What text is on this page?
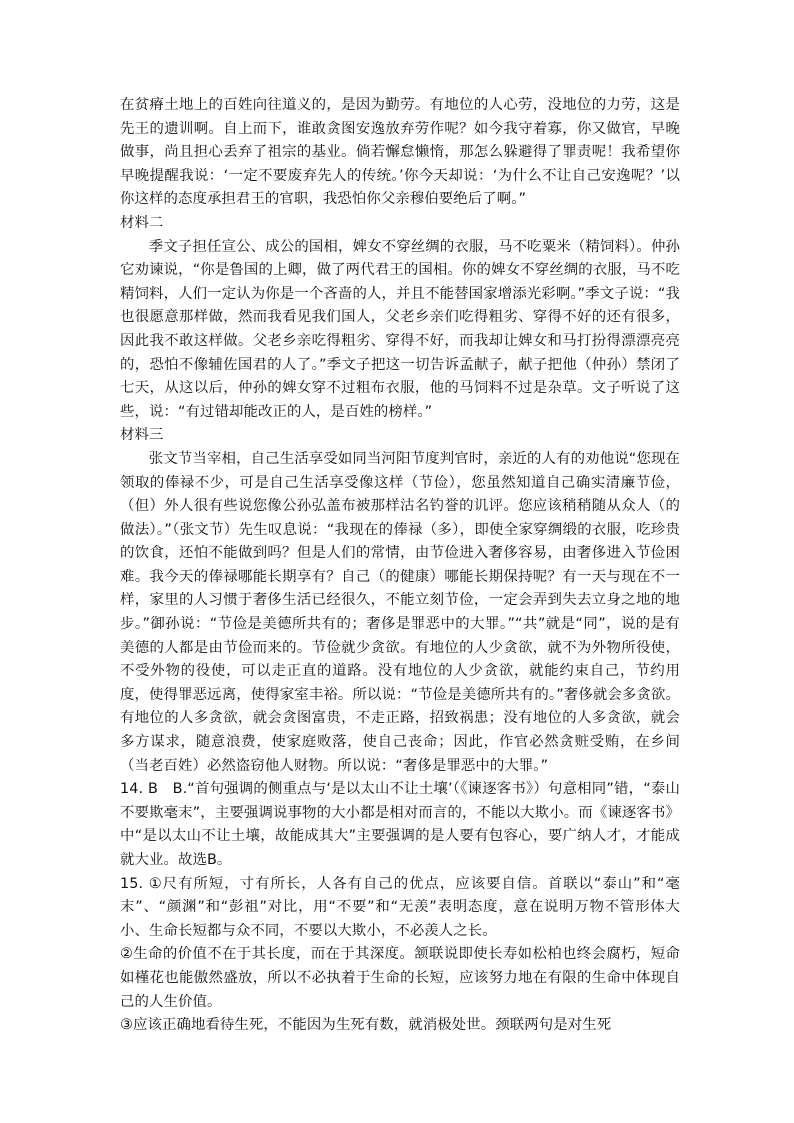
在贫瘠土地上的百姓向往道义的，是因为勤劳。有地位的人心劳，没地位的力劳，这是先王的遗训啊。自上而下，谁敢贪图安逸放弃劳作呢？如今我守着寡，你又做官，早晚做事，尚且担心丢弃了祖宗的基业。倘若懈怠懒惰，那怎么躲避得了罪责呢！我希望你早晚提醒我说：‘一定不要废弃先人的传统。’你今天却说：‘为什么不让自己安逸呢？’以你这样的态度承担君王的官职，我恐怕你父亲穆伯要绝后了啊。”

材料二

季文子担任宣公、成公的国相，婢女不穿丝绸的衣服，马不吃粟米（精饲料）。仲孙它劝谏说，“你是鲁国的上卿，做了两代君王的国相。你的婢女不穿丝绸的衣服，马不吃精饲料，人们一定认为你是一个吝啬的人，并且不能替国家增添光彩啊。”季文子说：“我也很愿意那样做，然而我看见我们国人，父老乡亲们吃得粗劣、穿得不好的还有很多，因此我不敢这样做。父老乡亲吃得粗劣、穿得不好，而我却让婢女和马打扮得漂漂亮亮的，恐怕不像辅佐国君的人了。”季文子把这一切告诉孟献子，献子把他（仲孙）禁闭了七天，从这以后，仲孙的婢女穿不过粗布衣服，他的马饲料不过是杂草。文子听说了这些，说：“有过错却能改正的人，是百姓的榜样。”

材料三

张文节当宰相，自己生活享受如同当河阳节度判官时，亲近的人有的劝他说“您现在领取的俸禄不少，可是自己生活享受像这样（节俭），您虽然知道自己确实清廉节俭，（但）外人很有些说您像公孙弘盖布被那样沽名钓誉的讥评。您应该稍稍随从众人（的做法）。”（张文节）先生叹息说：“我现在的俸禄（多），即使全家穿绸缎的衣服，吃珍贵的饮食，还怕不能做到吗？但是人们的常情，由节俭进入奢侈容易，由奢侈进入节俭困难。我今天的俸禄哪能长期享有？自己（的健康）哪能长期保持呢？有一天与现在不一样，家里的人习惯于奢侈生活已经很久，不能立刻节俭，一定会弄到失去立身之地的地步。”御孙说：“节俭是美德所共有的；奢侈是罪恶中的大罪。”“共”就是“同”，说的是有美德的人都是由节俭而来的。节俭就少贪欲。有地位的人少贪欲，就不为外物所役使，不受外物的役使，可以走正直的道路。没有地位的人少贪欲，就能约束自己，节约用度，使得罪恶远离，使得家室丰裕。所以说：“节俭是美德所共有的。”奢侈就会多贪欲。有地位的人多贪欲，就会贪图富贵，不走正路，招致祸患；没有地位的人多贪欲，就会多方谋求，随意浪费，使家庭败落，使自己丧命；因此，作官必然贪赃受贿，在乡间（当老百姓）必然盗窃他人财物。所以说：“奢侈是罪恶中的大罪。”

14. B　B.“首句强调的侧重点与‘是以太山不让土壤’（《谏逐客书》）句意相同”错，“泰山不要欺毫末”，主要强调说事物的大小都是相对而言的，不能以大欺小。而《谏逐客书》中“是以太山不让土壤，故能成其大”主要强调的是人要有包容心，要广纳人才，才能成就大业。故选B。

15. ①尺有所短，寸有所长，人各有自己的优点，应该要自信。首联以“泰山”和“毫末”、“颜渊”和“彭祖”对比，用“不要”和“无羡”表明态度，意在说明万物不管形体大小、生命长短都与众不同，不要以大欺小，不必羡人之长。

②生命的价值不在于其长度，而在于其深度。颔联说即使长寿如松柏也终会腐朽，短命如槿花也能傲然盛放，所以不必执着于生命的长短，应该努力地在有限的生命中体现自己的人生价值。

③应该正确地看待生死，不能因为生死有数，就消极处世。颈联两句是对生死
